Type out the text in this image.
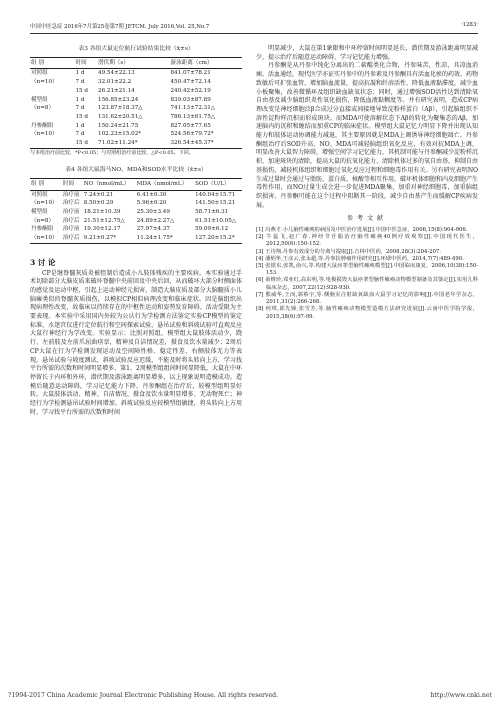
中国中医急症 2016年7月第25卷第7期 JETCM. July 2016,Vol. 25,No.7	·1283·
表3 各组大鼠定位航行试验结果比较（x̄±s）
组 别	时间	潜伏期（s）	游泳距离（cm）
对照组	1 d	49.54±22.13	841.07±78.21
（n=10）	7 d	32.01±22.2	450.47±72.14
	15 d	26.21±21.14	240.42±52.19
模型组	1 d	156.85±23.24	839.03±87.89
（n=8）	7 d	123.87±18.37△	741.13±72.31△
	15 d	131.62±20.51△	786.13±61.75△
丹参酮组	1 d	150.24±21.75	827.05±77.65
（n=10）	7 d	102.23±15.02*	524.56±79.72*
	15 d	71.02±11.24*	326.54±45.37*
与本组治疗前比较，*P<0.05；与对照组治疗前比较，△P<0.05。下同。
表4 各组大鼠海马NO、MDA和SOD水平比较（x̄±s）
组 别	时间	NO（nmol/mL）	MDA（nmol/mL）	SOD（U/L）
对照组	治疗前	7.24±0.21	6.41±0.30	140.04±15.71
（n=10）	治疗后	8.50±0.29	5.96±0.20	141.50±15.21
模型组	治疗前	18.21±10.39	25.30±3.49	58.71±6.31
（n=8）	治疗后	21.51±12.75△	24.89±2.27△	61.51±10.05△
丹参酮组	治疗前	19.30±12.17	27.97±4.37	59.09±6.12
（n=10）	治疗后	9.21±0.27*	11.24±1.75*	127.20±15.2*
3 讨 论

CP是继脊髓灰质炎被控制后造成小儿肢体残疾的主要疾病。本实验通过手术切除部分大脑皮质来破坏脊髓中央前回及中央后回，从而破坏大部分时侧面体的感觉及运动中枢，引起上运动神经元损害，制造大脑皮质及部分大脑髓质小儿脑瘫类似的脊髓灰质损伤，以模拟CP相似病理改变和临床症状。因是脑组织出现病理性改变，故临床以持续存在的中枢性运动和姿势发育障碍、活动受限为主要表现。本实验中采用国内外较为公认行为学检测方法鉴定实验CP模型的鉴定标准，水迷宫仪进行定位航行和空间探索试验，悬吊试验和斜坡试验可直观反应大鼠行神经行为学改变。实验显示：比照对照组，模型组大鼠肢体活动少，跷行、左前肢及左前爪屈曲痉挛，精神及自洁情况差，摄食及饮水量减少；2周后CP大鼠在行为学检测发现运动及空间障性格、稳定性差、右侧肢体无力等表现，悬吊试验与坡度测试、斜坡试验反应迟缓，不能及时将头转向上方，学习找平台所需的次数和时间明显增多，第1、2周模型组组间时间显降低，大鼠在中环停留长于内环和外环，潜伏期及游泳距离明显增多，以上现象说明造模成功。造模后随意运动障碍，学习记忆能力下降，丹参酮组在治疗后，较模型组明显好转，大鼠肢体活动、精神、自洁情况、摄食及饮水量明显增多、无动物死亡；神经行为学检测悬吊试验时间增加、斜坡试验反应较模型组敏捷，将头转向上方用时、学习找平台所需的次数和时间

明显减少，大鼠在第1象限和中环停留时间明显延长，潜伏期及游泳距离明显减少，提示治疗后随意运动障碍、学习记忆能力增强。

丹参酮是从丹参中纯化分离出的二萜醌类化合物，丹参味苦，性凉，具凉血消痈、活血通经，现代医学亦证实丹参中的丹参素及丹参酮具有活血化瘀的药效。药物致敏后可扩张血管、增加脑血流量，提高抗凝和纤溶活性、降低血液黏滞度，减少血小板聚集，改善微循环及组织缺血缺氧状态；同时，通过增强SOD活性达到清除氧自由基及减少脑组织炎性氧化损伤，降低血液黏稠度等。并有研究表明，造成CP病理改变是神经细胞泛β合成过分直接或间接地导致淀粉样蛋白（Aβ），引起脑组织不溶性淀粉样沉积而形成斑块。而MDA可使溶解状态下Aβ的转化为聚集态的Aβ，加速脑内的沉积和缠结而加重CP的临床症状。模型组大鼠记忆力明显下降并出现认知能力和肢体运动协调能力减退，其主要原因就是MDA上调诱导神经细胞凋亡。丹参酮组治疗后SOD升高、NO、MDA可减轻脑组织氧化反应，有效对抗MDA上调，明显改善大鼠智力障碍，增强空间学习记忆能力，其机制可能与丹参酮减少淀粉样沉积、加速斑块的清除，提高大鼠的抗氧化能力、清除机体过多的氧自由基，抑制自由基损伤，减轻机体组织和细胞过氧化反应过程和细胞毒作用有关。另有研究表明NO生成过量时会通过与脂肪、蛋白质、核酸等相互作用，破坏机体细胞和内皮细胞产生毒性作用，而NO过量生成会进一步促进MDA聚集，加重对神经细胞毒，加重脑组织损害。丹参酮可能在这个过程中阻断其一阶段，减少自由基产生而缓解CP疾病发展。

参考文献

[1] 冯燕才.小儿脑性瘫痪的病因及中医治疗进展[J].中国中医急症，2006,15(8):904-906.

[2] 牛蕊飞,赵广春.神经节苷脂治疗脑性瘫痪40例疗效观察[J].中国现代医生，2012,50(6):150-152.

[3] 王诗翔.丹参有效成分的分离与提取[J].吉林中医药，2008,28(3):204-207.

[4] 潘炳华,王彦云,张永超,等.丹参抗肿瘤作用研究[J].环球中医药，2014,7(7):489-490.

[5] 张银东,张凯,俞兴,等.构建大鼠痉挛型脑性瘫痪模型[J].中国临床康复，2006,10(38):150-153.

[6] 俞维珍,邓亚红,高东明,等.电极损毁大鼠痉挛型脑性瘫痪动物模型制备及其鉴定[J].实用儿科临床杂志，2007,22(12):928-930.

[7] 熊威华,王而,郭蔡宇,等.侧脑室注射缺氧缺血大鼠学习记忆的影响[J].中国老年学杂志，2011,31(2):266-268.

[8] 何琪,邱先娣,张雪芳,等.脑性瘫痪动物模型造模方法研究进展[J].云南中医学院学报，2015,38(6):97-99.

?1994-2017 China Academic Journal Electronic Publishing House. All rights reserved.	http://www.cnki.net
